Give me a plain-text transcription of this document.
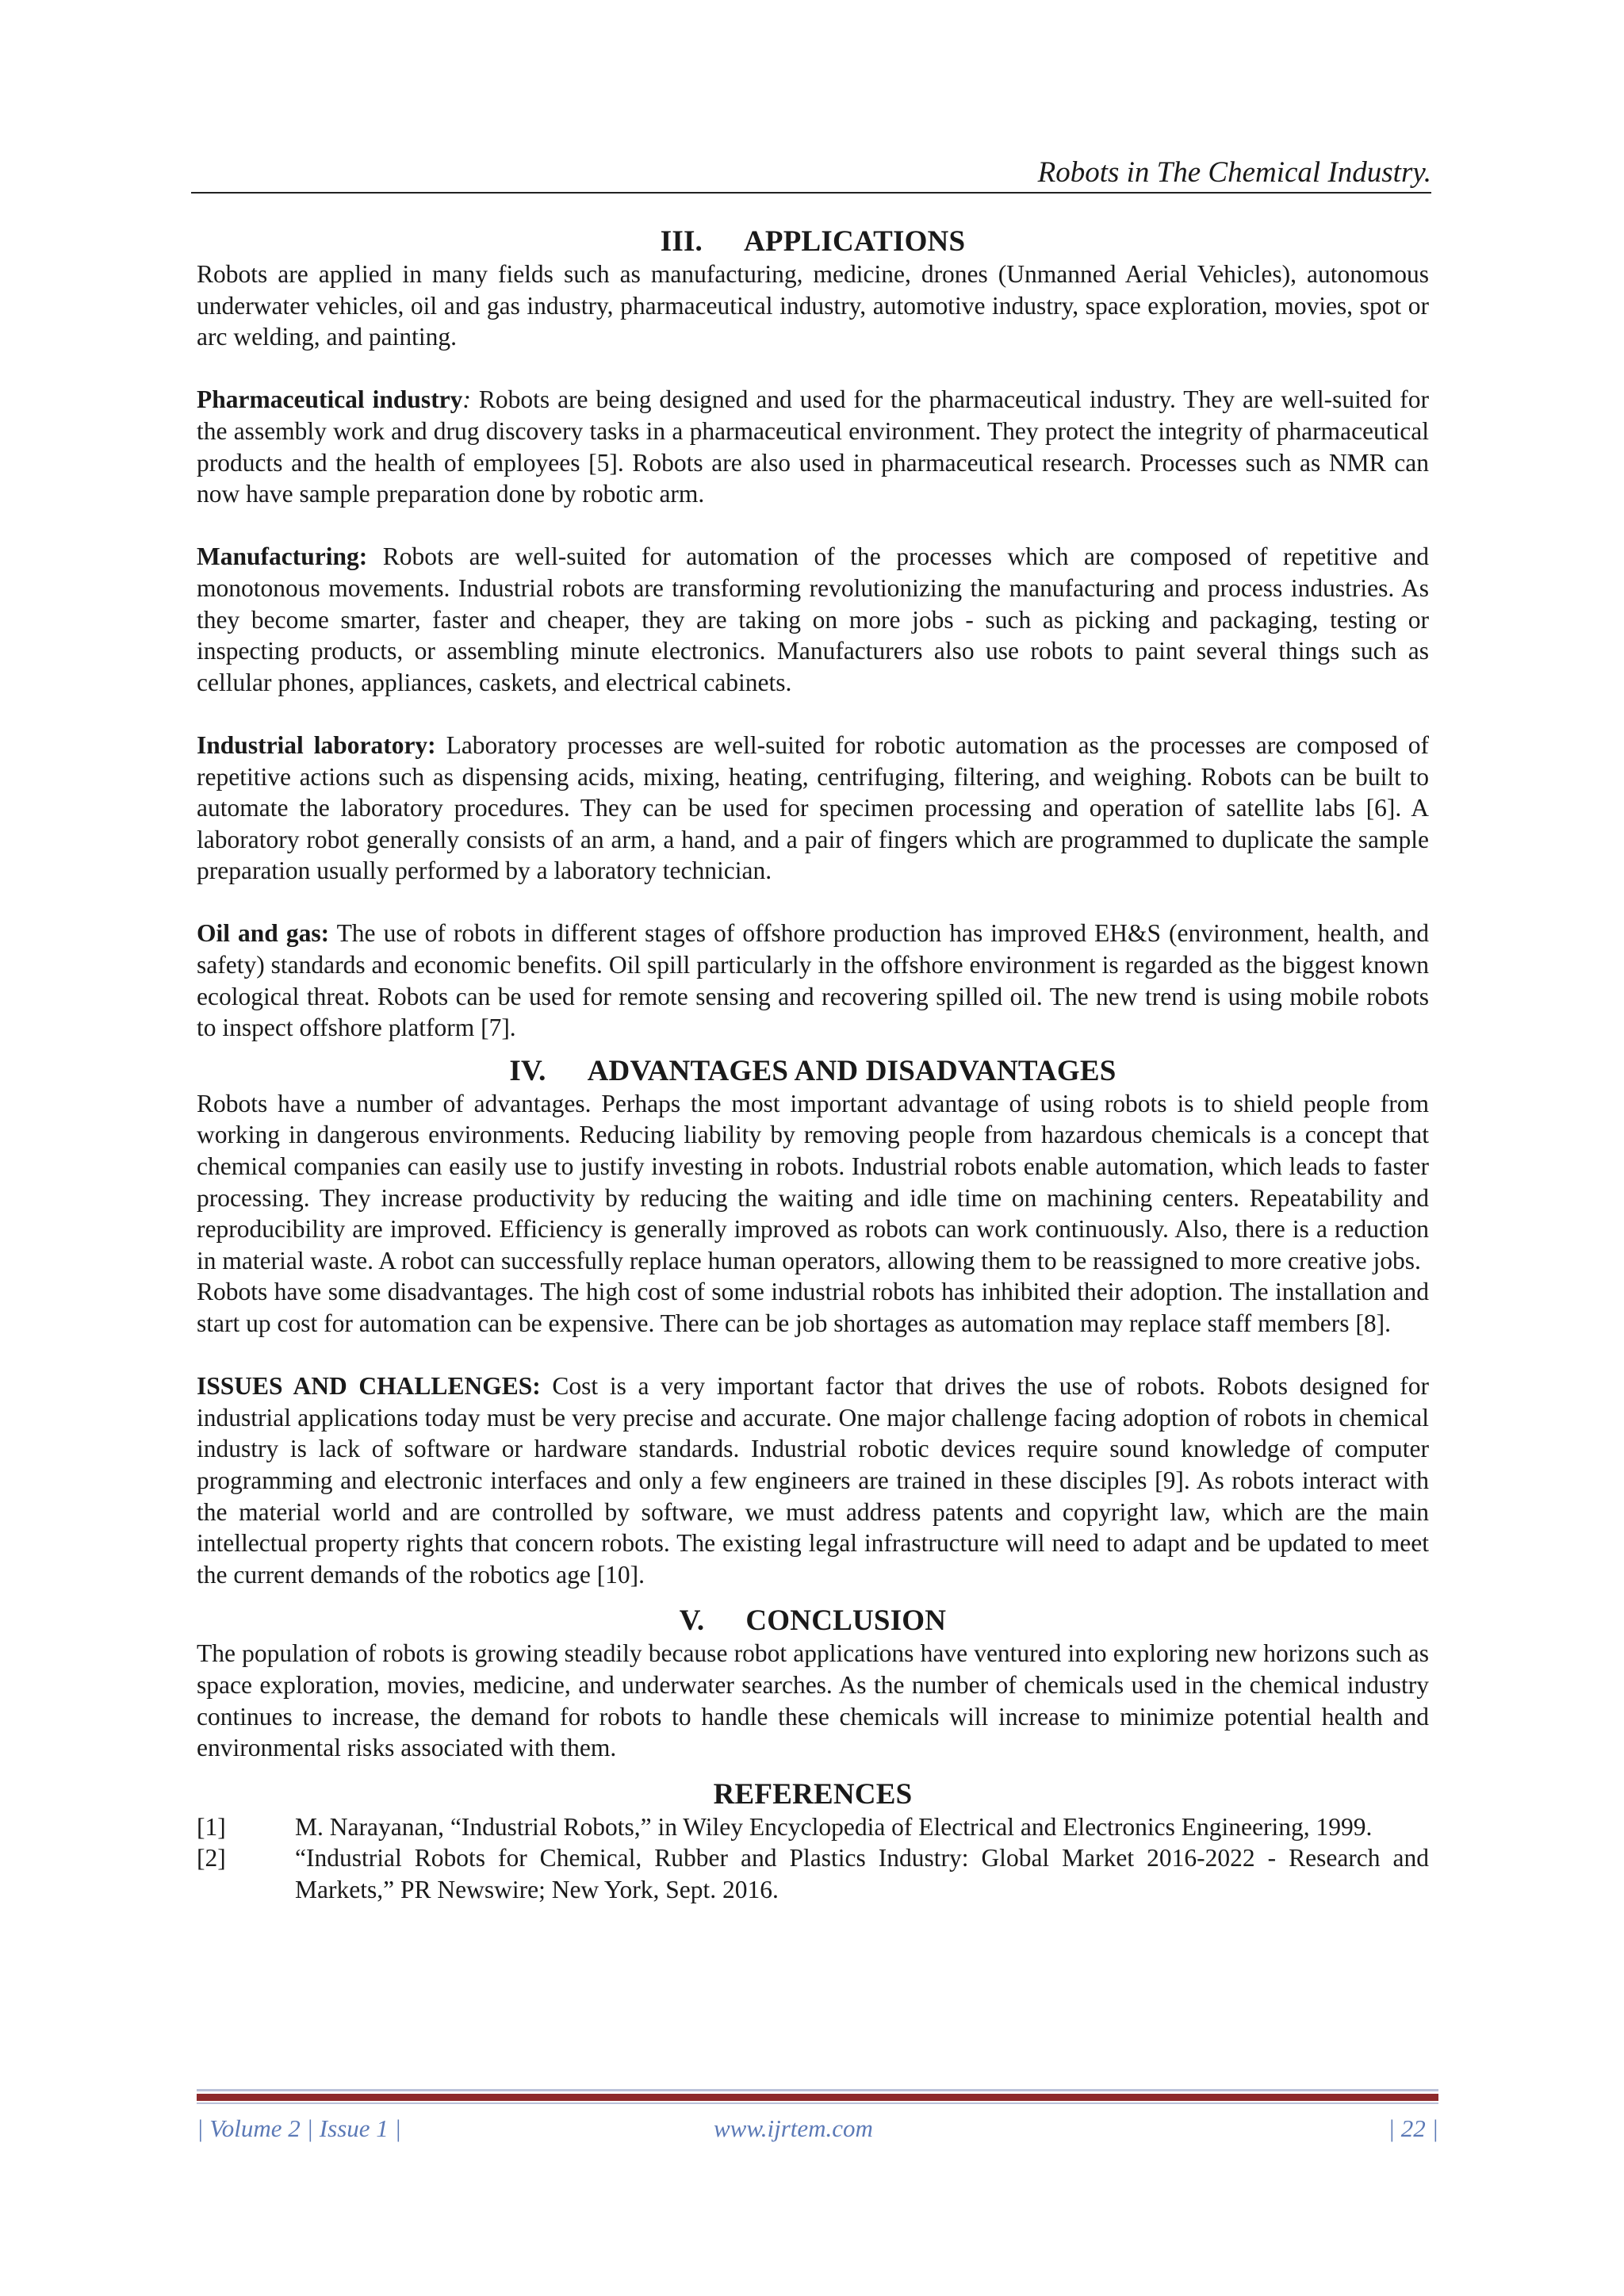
Robots in The Chemical Industry.
III. APPLICATIONS

Robots are applied in many fields such as manufacturing, medicine, drones (Unmanned Aerial Vehicles), autonomous underwater vehicles, oil and gas industry, pharmaceutical industry, automotive industry, space exploration, movies, spot or arc welding, and painting.

Pharmaceutical industry: Robots are being designed and used for the pharmaceutical industry. They are well-suited for the assembly work and drug discovery tasks in a pharmaceutical environment. They protect the integrity of pharmaceutical products and the health of employees [5]. Robots are also used in pharmaceutical research. Processes such as NMR can now have sample preparation done by robotic arm.

Manufacturing: Robots are well-suited for automation of the processes which are composed of repetitive and monotonous movements. Industrial robots are transforming revolutionizing the manufacturing and process industries. As they become smarter, faster and cheaper, they are taking on more jobs - such as picking and packaging, testing or inspecting products, or assembling minute electronics. Manufacturers also use robots to paint several things such as cellular phones, appliances, caskets, and electrical cabinets.

Industrial laboratory: Laboratory processes are well-suited for robotic automation as the processes are composed of repetitive actions such as dispensing acids, mixing, heating, centrifuging, filtering, and weighing. Robots can be built to automate the laboratory procedures. They can be used for specimen processing and operation of satellite labs [6]. A laboratory robot generally consists of an arm, a hand, and a pair of fingers which are programmed to duplicate the sample preparation usually performed by a laboratory technician.

Oil and gas: The use of robots in different stages of offshore production has improved EH&S (environment, health, and safety) standards and economic benefits. Oil spill particularly in the offshore environment is regarded as the biggest known ecological threat. Robots can be used for remote sensing and recovering spilled oil. The new trend is using mobile robots to inspect offshore platform [7].

IV. ADVANTAGES AND DISADVANTAGES

Robots have a number of advantages. Perhaps the most important advantage of using robots is to shield people from working in dangerous environments. Reducing liability by removing people from hazardous chemicals is a concept that chemical companies can easily use to justify investing in robots. Industrial robots enable automation, which leads to faster processing. They increase productivity by reducing the waiting and idle time on machining centers. Repeatability and reproducibility are improved. Efficiency is generally improved as robots can work continuously. Also, there is a reduction in material waste. A robot can successfully replace human operators, allowing them to be reassigned to more creative jobs.

Robots have some disadvantages. The high cost of some industrial robots has inhibited their adoption. The installation and start up cost for automation can be expensive. There can be job shortages as automation may replace staff members [8].

ISSUES AND CHALLENGES: Cost is a very important factor that drives the use of robots. Robots designed for industrial applications today must be very precise and accurate. One major challenge facing adoption of robots in chemical industry is lack of software or hardware standards. Industrial robotic devices require sound knowledge of computer programming and electronic interfaces and only a few engineers are trained in these disciples [9]. As robots interact with the material world and are controlled by software, we must address patents and copyright law, which are the main intellectual property rights that concern robots. The existing legal infrastructure will need to adapt and be updated to meet the current demands of the robotics age [10].

V. CONCLUSION

The population of robots is growing steadily because robot applications have ventured into exploring new horizons such as space exploration, movies, medicine, and underwater searches. As the number of chemicals used in the chemical industry continues to increase, the demand for robots to handle these chemicals will increase to minimize potential health and environmental risks associated with them.

REFERENCES
[1]	M. Narayanan, “Industrial Robots,” in Wiley Encyclopedia of Electrical and Electronics Engineering, 1999.
[2]	“Industrial Robots for Chemical, Rubber and Plastics Industry: Global Market 2016-2022 - Research and Markets,” PR Newswire; New York, Sept. 2016.
| Volume 2 | Issue 1 |	www.ijrtem.com	| 22 |
